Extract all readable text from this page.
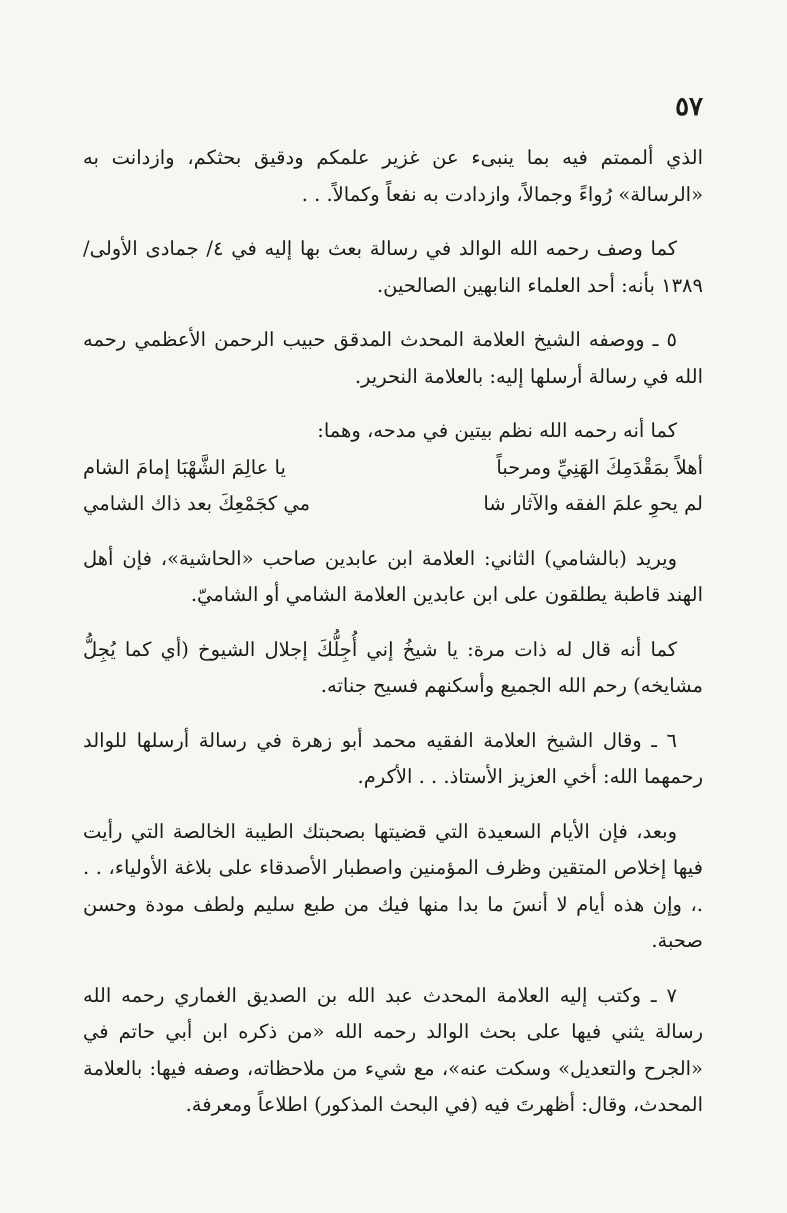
٥٧

الذي ألممتم فيه بما ينبىء عن غزير علمكم ودقيق بحثكم، وازدانت به «الرسالة» رُواءً وجمالاً، وازدادت به نفعاً وكمالاً. . .

كما وصف رحمه الله الوالد في رسالة بعث بها إليه في ٤/ جمادى الأولى/١٣٨٩ بأنه: أحد العلماء النابهين الصالحين.

٥ ـ ووصفه الشيخ العلامة المحدث المدقق حبيب الرحمن الأعظمي رحمه الله في رسالة أرسلها إليه: بالعلامة النحرير.

كما أنه رحمه الله نظم بيتين في مدحه، وهما:

أهلاً بمَقْدَمِكَ الهَنِيِّ ومرحباً
يا عالِمَ الشَّهْبَا إمامَ الشام
لم يحوِ علمَ الفقه والآثار شا
مي كجَمْعِكَ بعد ذاك الشامي

ويريد (بالشامي) الثاني: العلامة ابن عابدين صاحب «الحاشية»، فإن أهل الهند قاطبة يطلقون على ابن عابدين العلامة الشامي أو الشاميّ.

كما أنه قال له ذات مرة: يا شيخُ إني أُجِلُّكَ إجلال الشيوخ (أي كما يُجِلُّ مشايخه) رحم الله الجميع وأسكنهم فسيح جناته.

٦ ـ وقال الشيخ العلامة الفقيه محمد أبو زهرة في رسالة أرسلها للوالد رحمهما الله: أخي العزيز الأستاذ. . . الأكرم.

وبعد، فإن الأيام السعيدة التي قضيتها بصحبتك الطيبة الخالصة التي رأيت فيها إخلاص المتقين وظرف المؤمنين واصطبار الأصدقاء على بلاغة الأولياء، . . .، وإن هذه أيام لا أنسَ ما بدا منها فيك من طبع سليم ولطف مودة وحسن صحبة.

٧ ـ وكتب إليه العلامة المحدث عبد الله بن الصديق الغماري رحمه الله رسالة يثني فيها على بحث الوالد رحمه الله «من ذكره ابن أبي حاتم في «الجرح والتعديل» وسكت عنه»، مع شيء من ملاحظاته، وصفه فيها: بالعلامة المحدث، وقال: أظهرتَ فيه (في البحث المذكور) اطلاعاً ومعرفة.
